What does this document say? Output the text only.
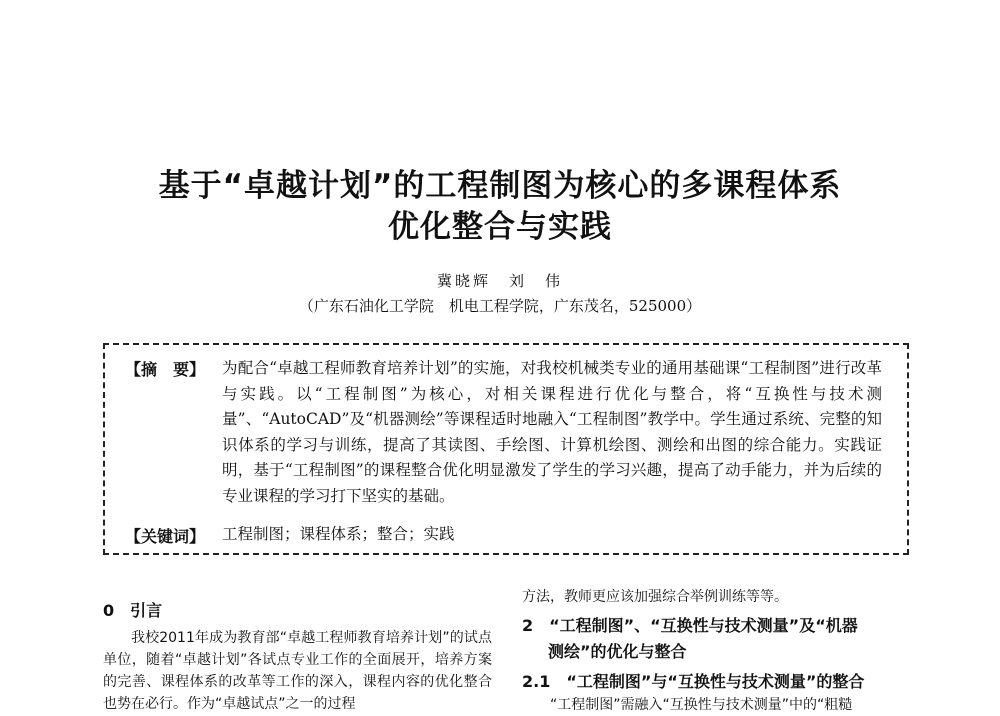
基于“卓越计划”的工程制图为核心的多课程体系
优化整合与实践
冀晓辉　刘　伟
（广东石油化工学院　机电工程学院，广东茂名，525000）
【摘　要】 为配合“卓越工程师教育培养计划”的实施，对我校机械类专业的通用基础课“工程制图”进行改革与实践。以“工程制图”为核心，对相关课程进行优化与整合，将“互换性与技术测量”、“AutoCAD”及“机器测绘”等课程适时地融入“工程制图”教学中。学生通过系统、完整的知识体系的学习与训练，提高了其读图、手绘图、计算机绘图、测绘和出图的综合能力。实践证明，基于“工程制图”的课程整合优化明显激发了学生的学习兴趣，提高了动手能力，并为后续的专业课程的学习打下坚实的基础。
【关键词】 工程制图；课程体系；整合；实践
0　引言
我校2011年成为教育部“卓越工程师教育培养计划”的试点单位，随着“卓越计划”各试点专业工作的全面展开，培养方案的完善、课程体系的改革等工作的深入，课程内容的优化整合也势在必行。作为“卓越试点”之一的过程
方法，教师更应该加强综合举例训练等等。
2　“工程制图”、“互换性与技术测量”及“机器
测绘”的优化与整合
2.1　“工程制图”与“互换性与技术测量”的整合
“工程制图”需融入“互换性与技术测量”中的“粗糙
